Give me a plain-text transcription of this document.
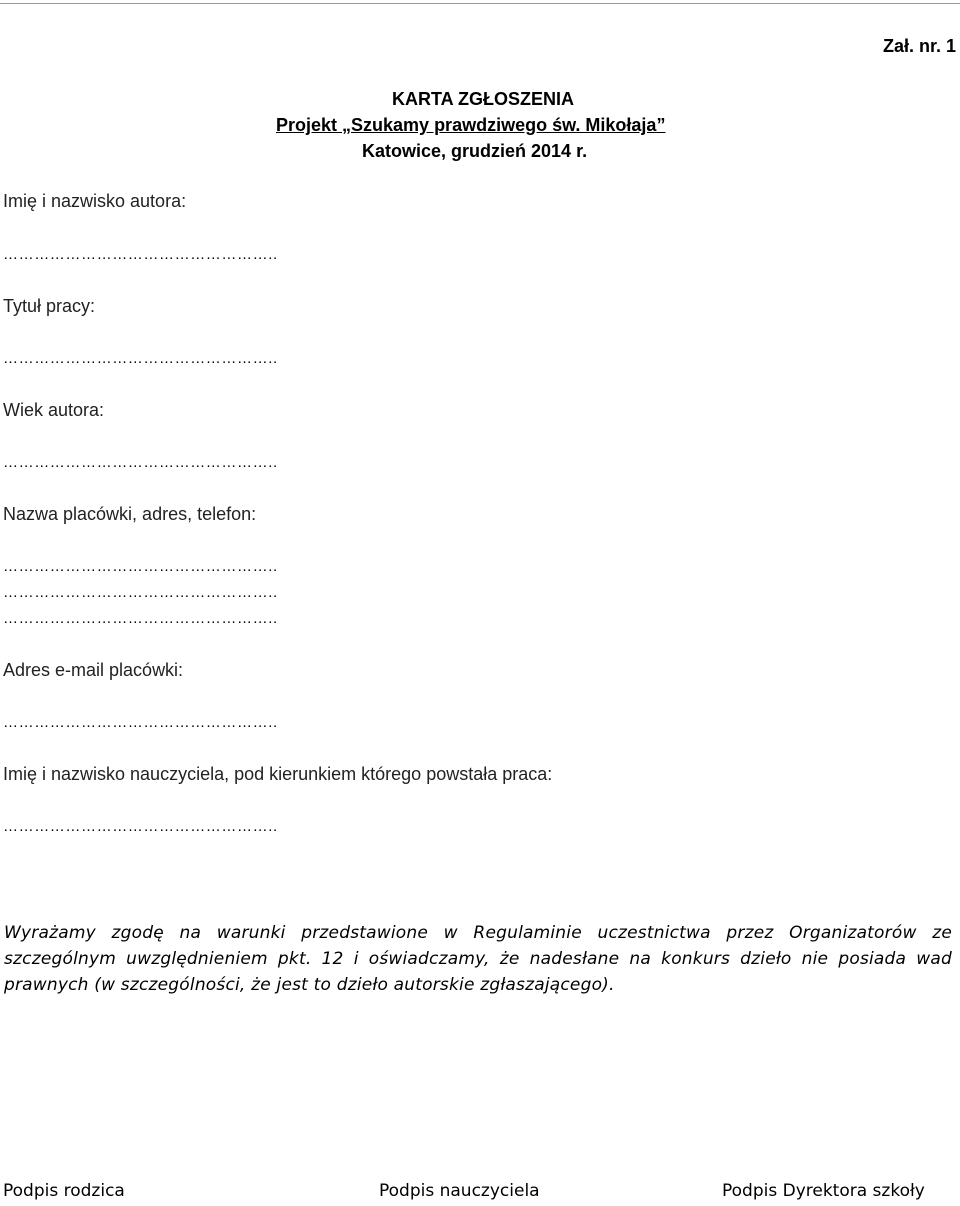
Zał. nr. 1
KARTA ZGŁOSZENIA
Projekt „Szukamy prawdziwego św. Mikołaja”
Katowice, grudzień 2014 r.
Imię i nazwisko autora:
……………………………………………..
Tytuł pracy:
……………………………………………..
Wiek autora:
……………………………………………..
Nazwa placówki, adres, telefon:
……………………………………………..
……………………………………………..
……………………………………………..
Adres e-mail placówki:
……………………………………………..
Imię i nazwisko nauczyciela, pod kierunkiem którego powstała praca:
……………………………………………..
Wyrażamy zgodę na warunki przedstawione w Regulaminie uczestnictwa przez Organizatorów ze szczególnym uwzględnieniem pkt. 12 i oświadczamy, że nadesłane na konkurs dzieło nie posiada wad prawnych (w szczególności, że jest to dzieło autorskie zgłaszającego).
Podpis rodzica	Podpis nauczyciela	Podpis Dyrektora szkoły
